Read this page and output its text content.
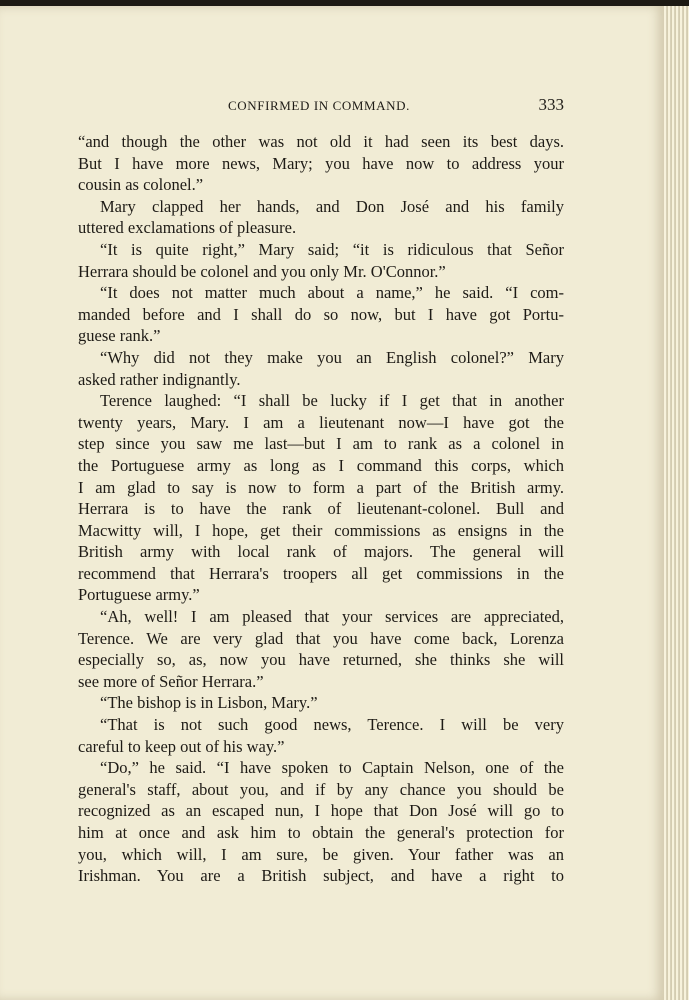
CONFIRMED IN COMMAND.	333
“and though the other was not old it had seen its best days.
But I have more news, Mary; you have now to address your
cousin as colonel.”
Mary clapped her hands, and Don José and his family
uttered exclamations of pleasure.
“It is quite right,” Mary said; “it is ridiculous that Señor
Herrara should be colonel and you only Mr. O'Connor.”
“It does not matter much about a name,” he said. “I com-
manded before and I shall do so now, but I have got Portu-
guese rank.”
“Why did not they make you an English colonel?” Mary
asked rather indignantly.
Terence laughed: “I shall be lucky if I get that in another
twenty years, Mary. I am a lieutenant now—I have got the
step since you saw me last—but I am to rank as a colonel in
the Portuguese army as long as I command this corps, which
I am glad to say is now to form a part of the British army.
Herrara is to have the rank of lieutenant-colonel. Bull and
Macwitty will, I hope, get their commissions as ensigns in the
British army with local rank of majors. The general will
recommend that Herrara's troopers all get commissions in the
Portuguese army.”
“Ah, well! I am pleased that your services are appreciated,
Terence. We are very glad that you have come back, Lorenza
especially so, as, now you have returned, she thinks she will
see more of Señor Herrara.”
“The bishop is in Lisbon, Mary.”
“That is not such good news, Terence. I will be very
careful to keep out of his way.”
“Do,” he said. “I have spoken to Captain Nelson, one of the
general's staff, about you, and if by any chance you should be
recognized as an escaped nun, I hope that Don José will go to
him at once and ask him to obtain the general's protection for
you, which will, I am sure, be given. Your father was an
Irishman. You are a British subject, and have a right to
